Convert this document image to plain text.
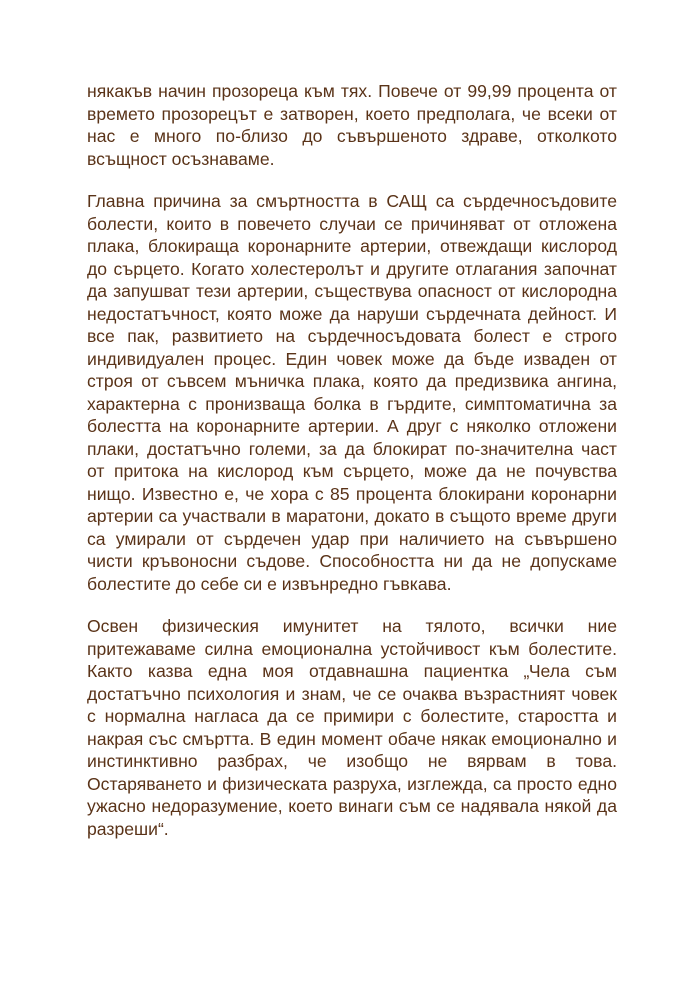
някакъв начин прозореца към тях. Повече от 99,99 процента от времето прозорецът е затворен, което предполага, че всеки от нас е много по-близо до съвършеното здраве, отколкото всъщност осъзнаваме.

Главна причина за смъртността в САЩ са сърдечносъдовите болести, които в повечето случаи се причиняват от отложена плака, блокираща коронарните артерии, отвеждащи кислород до сърцето. Когато холестеролът и другите отлагания започнат да запушват тези артерии, съществува опасност от кислородна недостатъчност, която може да наруши сърдечната дейност. И все пак, развитието на сърдечносъдовата болест е строго индивидуален процес. Един човек може да бъде изваден от строя от съвсем мъничка плака, която да предизвика ангина, характерна с пронизваща болка в гърдите, симптоматична за болестта на коронарните артерии. А друг с няколко отложени плаки, достатъчно големи, за да блокират по-значителна част от притока на кислород към сърцето, може да не почувства нищо. Известно е, че хора с 85 процента блокирани коронарни артерии са участвали в маратони, докато в същото време други са умирали от сърдечен удар при наличието на съвършено чисти кръвоносни съдове. Способността ни да не допускаме болестите до себе си е извънредно гъвкава.

Освен физическия имунитет на тялото, всички ние притежаваме силна емоционална устойчивост към болестите. Както казва една моя отдавнашна пациентка „Чела съм достатъчно психология и знам, че се очаква възрастният човек с нормална нагласа да се примири с болестите, старостта и накрая със смъртта. В един момент обаче някак емоционално и инстинктивно разбрах, че изобщо не вярвам в това. Остаряването и физическата разруха, изглежда, са просто едно ужасно недоразумение, което винаги съм се надявала някой да разреши“.
